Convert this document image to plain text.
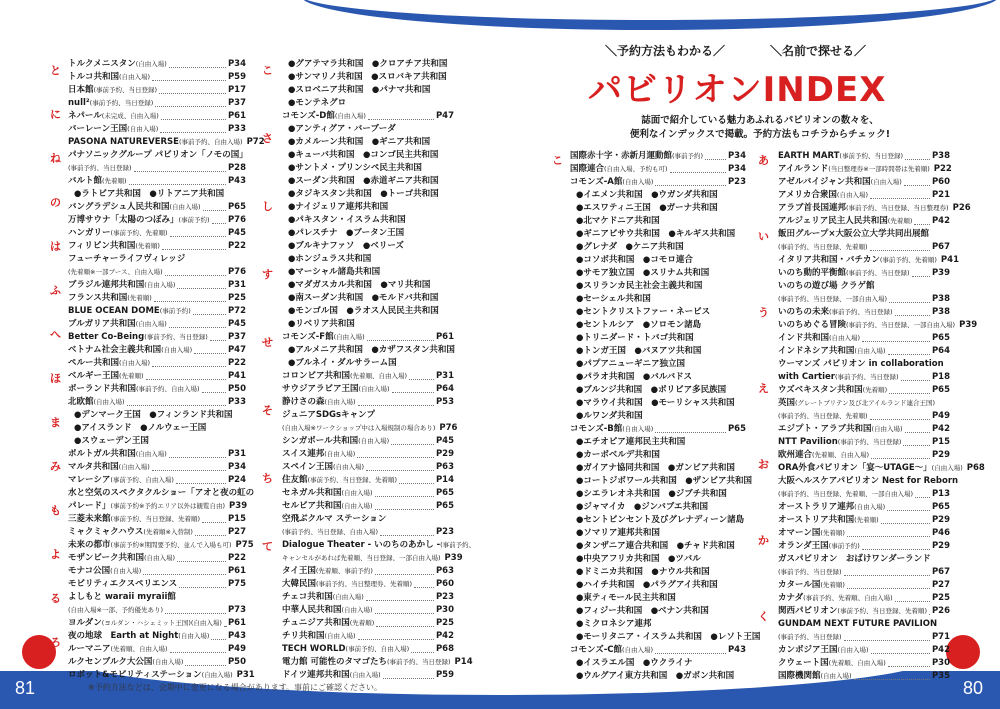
81	80
※予約方法などは、会期中に変更になる場合があります。事前にご確認ください。
＼予約方法もわかる／	＼名前で探せる／
パビリオンINDEX
誌面で紹介している魅力あふれるパビリオンの数々を、
便利なインデックスで掲載。予約方法もコチラからチェック!
トルクメニスタン (自由入場)	P34
トルコ共和国 (自由入場)	P59
日本館 (事前予約、当日登録)	P17
null² (事前予約、当日登録)	P37
ネパール (未完成、自由入場)	P61
バーレーン王国 (自由入場)	P33
PASONA NATUREVERSE (事前予約、自由入場) P72
パナソニックグループ パビリオン「ノモの国」
(事前予約、当日登録)	P28
バルト館 (先着順)	P43
●ラトビア共和国　●リトアニア共和国
バングラデシュ人民共和国 (自由入場)	P65
万博サウナ「太陽のつぼみ」 (事前予約) P76
ハンガリー (事前予約、先着順)	P45
フィリピン共和国 (先着順)	P22
フューチャーライフヴィレッジ
(先着順※一部ブース、自由入場)	P76
ブラジル連邦共和国 (自由入場)	P31
フランス共和国 (先着順)	P25
BLUE OCEAN DOME (事前予約)	P72
ブルガリア共和国 (自由入場)	P45
Better Co-Being (事前予約、当日登録) P37
ベトナム社会主義共和国 (自由入場)	P47
ペルー共和国 (自由入場)	P22
ベルギー王国 (先着順)	P41
ポーランド共和国 (事前予約、自由入場)	P50
北欧館 (自由入場)	P33
●デンマーク王国　●フィンランド共和国
●アイスランド　●ノルウェー王国
●スウェーデン王国
ポルトガル共和国 (自由入場)	P31
マルタ共和国 (自由入場)	P34
マレーシア (事前予約、自由入場)	P24
水と空気のスペクタクルショー「アオと夜の虹の
パレード」 (事前予約※予約エリア以外は観覧自由) P39
三菱未来館 (事前予約、当日登録、先着順)	P15
ミャクミャクハウス (先着順※入替制)	P27
未来の都市 (事前予約※期間要予約、並んで入場も可) P75
モザンビーク共和国 (自由入場)	P22
モナコ公国 (自由入場)	P61
モビリティエクスペリエンス	P75
よしもと waraii myraii館
(自由入場※一部、予約優先あり)	P73
ヨルダン (ヨルダン・ハシェミット王国)(自由入場) P61
夜の地球　Earth at Night (自由入場) P43
ルーマニア (先着順、自由入場)	P49
ルクセンブルク大公国 (自由入場)	P50
ロボット&モビリティステーション (自由入場) P31
●グアテマラ共和国　●クロアチア共和国
●サンマリノ共和国　●スロバキア共和国
●スロベニア共和国　●パナマ共和国
●モンテネグロ
コモンズ-D館 (自由入場)	P47
●アンティグア・バーブーダ
●カメルーン共和国　●ギニア共和国
●キューバ共和国　●コンゴ民主共和国
●サントメ・プリンシペ民主共和国
●スーダン共和国　●赤道ギニア共和国
●タジキスタン共和国　●トーゴ共和国
●ナイジェリア連邦共和国
●パキスタン・イスラム共和国
●パレスチナ　●ブータン王国
●ブルキナファソ　●ベリーズ
●ホンジュラス共和国
●マーシャル諸島共和国
●マダガスカル共和国　●マリ共和国
●南スーダン共和国　●モルドバ共和国
●モンゴル国　●ラオス人民民主共和国
●リベリア共和国
コモンズ-F館 (自由入場)	P61
●アルメニア共和国　●カザフスタン共和国
●ブルネイ・ダルサラーム国
コロンビア共和国 (先着順、自由入場)	P31
サウジアラビア王国 (自由入場)	P64
静けさの森 (自由入場)	P53
ジュニアSDGsキャンプ
(自由入場※ワークショップ中は入場規制の場合あり) P76
シンガポール共和国 (自由入場)	P45
スイス連邦 (自由入場)	P29
スペイン王国 (自由入場)	P63
住友館 (事前予約、当日登録、先着順)	P14
セネガル共和国 (自由入場)	P65
セルビア共和国 (自由入場)	P65
空飛ぶクルマ ステーション
(事前予約、当日登録、自由入場)	P23
Dialogue Theater - いのちのあかし - (事前予約、
キャンセルがあれば先着順、当日登録、一部自由入場) P39
タイ王国 (先着順、事前予約)	P63
大韓民国 (事前予約、当日整理券、先着順)	P60
チェコ共和国 (自由入場)	P23
中華人民共和国 (自由入場)	P30
チュニジア共和国 (先着順)	P25
チリ共和国 (自由入場)	P42
TECH WORLD (事前予約、自由入場)	P68
電力館 可能性のタマゴたち (事前予約、当日登録) P14
ドイツ連邦共和国 (自由入場)	P59
国際赤十字・赤新月運動館 (事前予約)	P34
国際連合 (自由入場、予約も可)	P34
コモンズ-A館 (自由入場)	P23
●イエメン共和国　●ウガンダ共和国
●エスワティニ王国　●ガーナ共和国
●北マケドニア共和国
●ギニアビサウ共和国　●キルギス共和国
●グレナダ　●ケニア共和国
●コソボ共和国　●コモロ連合
●サモア独立国　●スリナム共和国
●スリランカ民主社会主義共和国
●セーシェル共和国
●セントクリストファー・ネービス
●セントルシア　●ソロモン諸島
●トリニダード・トバゴ共和国
●トンガ王国　●バヌアツ共和国
●パプアニューギニア独立国
●パラオ共和国　●バルバドス
●ブルンジ共和国　●ボリビア多民族国
●マラウイ共和国　●モーリシャス共和国
●ルワンダ共和国
コモンズ-B館 (自由入場)	P65
●エチオピア連邦民主共和国
●カーボベルデ共和国
●ガイアナ協同共和国　●ガンビア共和国
●コートジボワール共和国　●ザンビア共和国
●シエラレオネ共和国　●ジブチ共和国
●ジャマイカ　●ジンバブエ共和国
●セントビンセント及びグレナディーン諸島
●ソマリア連邦共和国
●タンザニア連合共和国　●チャド共和国
●中央アフリカ共和国　●ツバル
●ドミニカ共和国　●ナウル共和国
●ハイチ共和国　●パラグアイ共和国
●東ティモール民主共和国
●フィジー共和国　●ベナン共和国
●ミクロネシア連邦
●モーリタニア・イスラム共和国　●レソト王国
コモンズ-C館 (自由入場)	P43
●イスラエル国　●ウクライナ
●ウルグアイ東方共和国　●ガボン共和国
EARTH MART (事前予約、当日登録)	P38
アイルランド (当日整理券※一部時間帯は先着順) P22
アゼルバイジャン共和国 (自由入場)	P60
アメリカ合衆国 (自由入場)	P21
アラブ首長国連邦 (事前予約、当日登録、当日整理券) P26
アルジェリア民主人民共和国 (先着順) P42
飯田グループ×大阪公立大学共同出展館
(事前予約、当日登録、先着順)	P67
イタリア共和国・バチカン (事前予約、先着順) P41
いのち動的平衡館 (事前予約、当日登録)	P39
いのちの遊び場 クラゲ館
(事前予約、当日登録、一部自由入場)	P38
いのちの未来 (事前予約、当日登録)	P38
いのちめぐる冒険 (事前予約、当日登録、一部自由入場) P39
インド共和国 (自由入場)	P65
インドネシア共和国 (自由入場)	P64
ウーマンズ パビリオン in collaboration
with Cartier (事前予約、当日登録)	P18
ウズベキスタン共和国 (先着順)	P65
英国 (グレートブリテン及び北アイルランド連合王国)
(事前予約、当日登録、先着順)	P49
エジプト・アラブ共和国 (自由入場)	P42
NTT Pavilion (事前予約、当日登録)	P15
欧州連合 (先着順、自由入場)	P29
ORA外食パビリオン「宴～UTAGE～」 (自由入場) P68
大阪ヘルスケアパビリオン Nest for Reborn
(事前予約、当日登録、先着順、一部自由入場) P13
オーストラリア連邦 (自由入場)	P65
オーストリア共和国 (先着順)	P29
オマーン国 (先着順)	P46
オランダ王国 (事前予約)	P29
ガスパビリオン　おばけワンダーランド
(事前予約、当日登録)	P67
カタール国 (先着順)	P27
カナダ (事前予約、先着順、自由入場)	P25
関西パビリオン (事前予約、当日登録、先着順) P26
GUNDAM NEXT FUTURE PAVILION
(事前予約、当日登録)	P71
カンボジア王国 (自由入場)	P42
クウェート国 (先着順、自由入場)	P30
国際機関館 (自由入場)	P35
と
に
ね
の
は
ふ
へ
ほ
ま
み
も
よ
る
ろ
こ
さ
し
す
せ
そ
ち
て
こ	あ
い
う
え
お
か
く
